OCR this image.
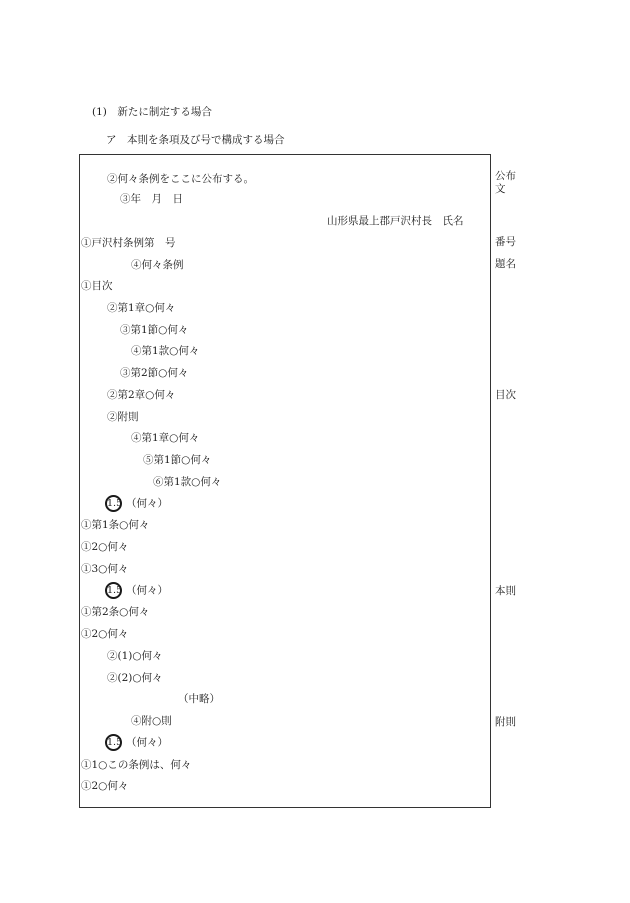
(1)　新たに制定する場合
ア　本則を条項及び号で構成する場合
②何々条例をここに公布する。
③年　月　日
山形県最上郡戸沢村長　氏名
①戸沢村条例第　号
④何々条例
①目次
②第1章○何々
③第1節○何々
④第1款○何々
③第2節○何々
②第2章○何々
②附則
④第1章○何々
⑤第1節○何々
⑥第1款○何々
1.5 （何々）
①第1条○何々
①2○何々
①3○何々
1.5 （何々）
①第2条○何々
①2○何々
②(1)○何々
②(2)○何々
（中略）
④附○則
1.5 （何々）
①1○この条例は、何々
①2○何々
公布
文
番号
題名
目次
本則
附則
